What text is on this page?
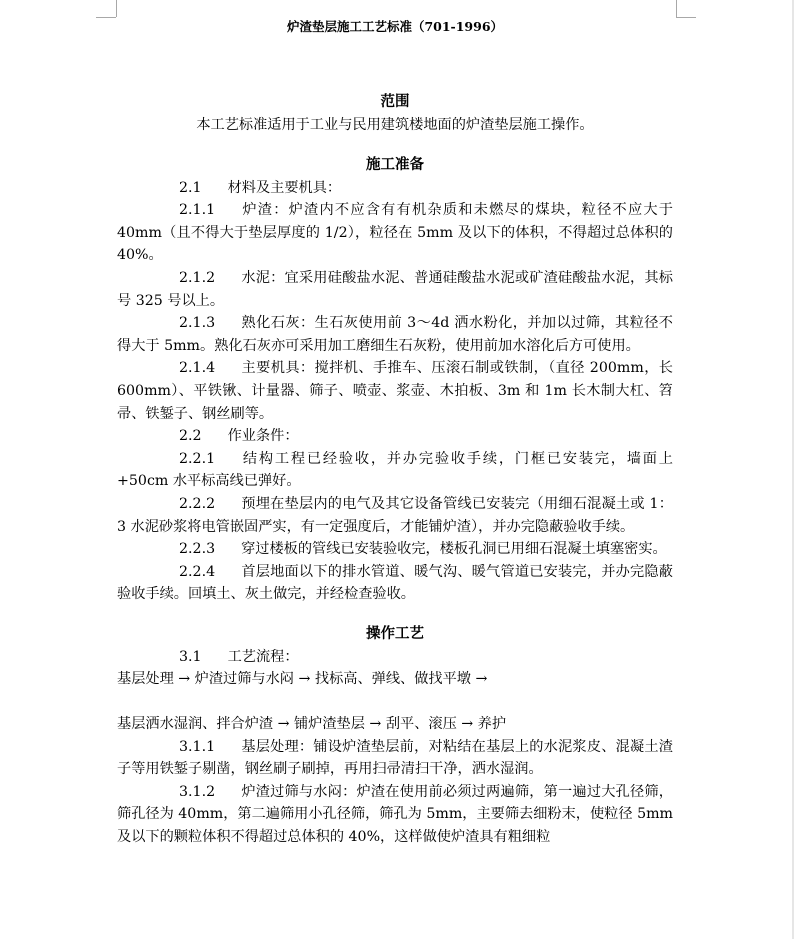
炉渣垫层施工工艺标准（701-1996）

范围

本工艺标准适用于工业与民用建筑楼地面的炉渣垫层施工操作。

施工准备

2.1 材料及主要机具：

2.1.1 炉渣：炉渣内不应含有有机杂质和未燃尽的煤块，粒径不应大于 40mm（且不得大于垫层厚度的 1/2），粒径在 5mm 及以下的体积，不得超过总体积的 40%。

2.1.2 水泥：宜采用硅酸盐水泥、普通硅酸盐水泥或矿渣硅酸盐水泥，其标号 325 号以上。

2.1.3 熟化石灰：生石灰使用前 3～4d 洒水粉化，并加以过筛，其粒径不得大于 5mm。熟化石灰亦可采用加工磨细生石灰粉，使用前加水溶化后方可使用。

2.1.4 主要机具：搅拌机、手推车、压滚石制或铁制，（直径 200mm，长 600mm）、平铁锹、计量器、筛子、喷壶、浆壶、木拍板、3m 和 1m 长木制大杠、笤帚、铁錾子、钢丝刷等。

2.2 作业条件：

2.2.1 结构工程已经验收，并办完验收手续，门框已安装完，墙面上+50cm 水平标高线已弹好。

2.2.2 预埋在垫层内的电气及其它设备管线已安装完（用细石混凝土或 1：3 水泥砂浆将电管嵌固严实，有一定强度后，才能铺炉渣），并办完隐蔽验收手续。

2.2.3 穿过楼板的管线已安装验收完，楼板孔洞已用细石混凝土填塞密实。

2.2.4 首层地面以下的排水管道、暖气沟、暖气管道已安装完，并办完隐蔽验收手续。回填土、灰土做完，并经检查验收。

操作工艺

3.1 工艺流程：

基层处理 → 炉渣过筛与水闷 → 找标高、弹线、做找平墩 →

基层洒水湿润、拌合炉渣 → 铺炉渣垫层 → 刮平、滚压 → 养护

3.1.1 基层处理：铺设炉渣垫层前，对粘结在基层上的水泥浆皮、混凝土渣子等用铁錾子剔凿，钢丝刷子刷掉，再用扫帚清扫干净，洒水湿润。

3.1.2 炉渣过筛与水闷：炉渣在使用前必须过两遍筛，第一遍过大孔径筛，筛孔径为 40mm，第二遍筛用小孔径筛，筛孔为 5mm，主要筛去细粉末，使粒径 5mm 及以下的颗粒体积不得超过总体积的 40%，这样做使炉渣具有粗细粒
